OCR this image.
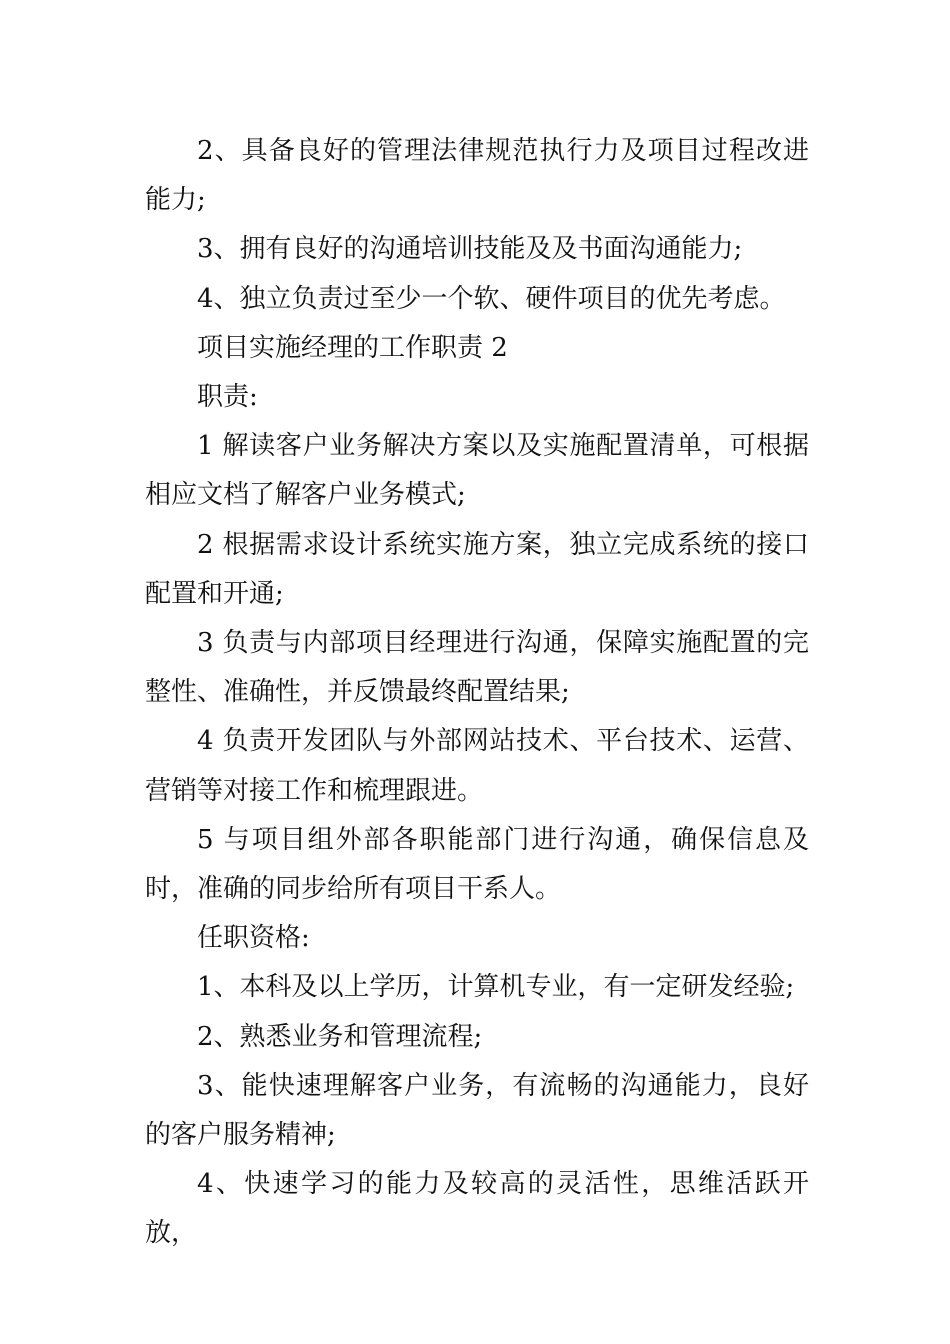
2、具备良好的管理法律规范执行力及项目过程改进能力;

3、拥有良好的沟通培训技能及及书面沟通能力;

4、独立负责过至少一个软、硬件项目的优先考虑。

项目实施经理的工作职责 2

职责:

1 解读客户业务解决方案以及实施配置清单，可根据相应文档了解客户业务模式;

2 根据需求设计系统实施方案，独立完成系统的接口配置和开通;

3 负责与内部项目经理进行沟通，保障实施配置的完整性、准确性，并反馈最终配置结果;

4 负责开发团队与外部网站技术、平台技术、运营、营销等对接工作和梳理跟进。

5 与项目组外部各职能部门进行沟通，确保信息及时，准确的同步给所有项目干系人。

任职资格:

1、本科及以上学历，计算机专业，有一定研发经验;

2、熟悉业务和管理流程;

3、能快速理解客户业务，有流畅的沟通能力，良好的客户服务精神;

4、快速学习的能力及较高的灵活性，思维活跃开放，
